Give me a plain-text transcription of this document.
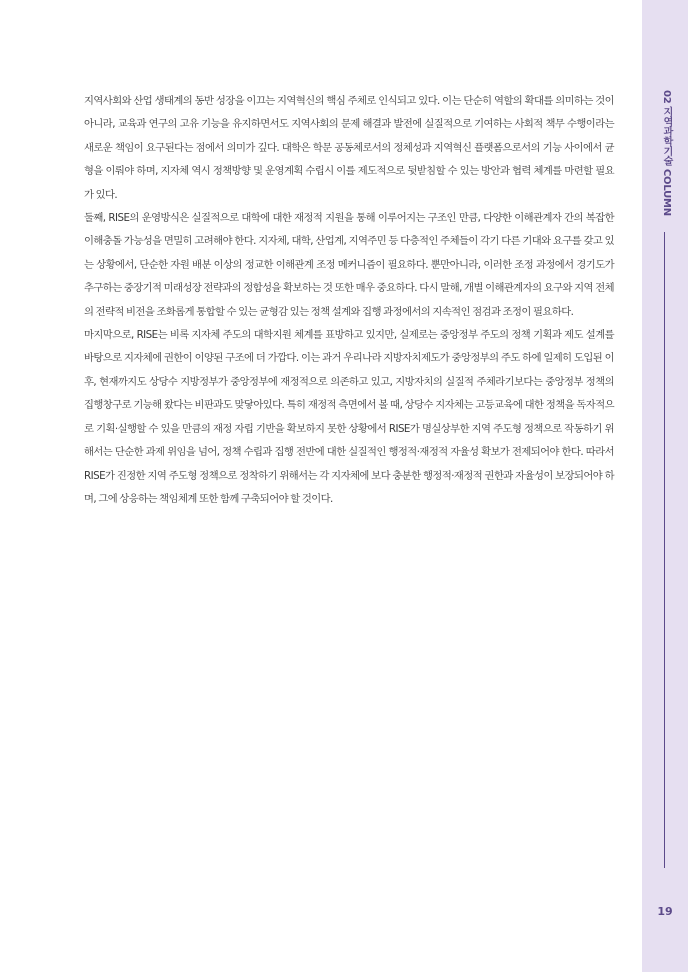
지역사회와 산업 생태계의 동반 성장을 이끄는 지역혁신의 핵심 주체로 인식되고 있다. 이는 단순히 역할의 확대를 의미하는 것이 아니라, 교육과 연구의 고유 기능을 유지하면서도 지역사회의 문제 해결과 발전에 실질적으로 기여하는 사회적 책무 수행이라는 새로운 책임이 요구된다는 점에서 의미가 깊다. 대학은 학문 공동체로서의 정체성과 지역혁신 플랫폼으로서의 기능 사이에서 균형을 이뤄야 하며, 지자체 역시 정책방향 및 운영계획 수립시 이를 제도적으로 뒷받침할 수 있는 방안과 협력 체계를 마련할 필요가 있다.

둘째, RISE의 운영방식은 실질적으로 대학에 대한 재정적 지원을 통해 이루어지는 구조인 만큼, 다양한 이해관계자 간의 복잡한 이해충돌 가능성을 면밀히 고려해야 한다. 지자체, 대학, 산업계, 지역주민 등 다층적인 주체들이 각기 다른 기대와 요구를 갖고 있는 상황에서, 단순한 자원 배분 이상의 정교한 이해관계 조정 메커니즘이 필요하다. 뿐만아니라, 이러한 조정 과정에서 경기도가 추구하는 중장기적 미래성장 전략과의 정합성을 확보하는 것 또한 매우 중요하다. 다시 말해, 개별 이해관계자의 요구와 지역 전체의 전략적 비전을 조화롭게 통합할 수 있는 균형감 있는 정책 설계와 집행 과정에서의 지속적인 점검과 조정이 필요하다.

마지막으로, RISE는 비록 지자체 주도의 대학지원 체계를 표방하고 있지만, 실제로는 중앙정부 주도의 정책 기획과 제도 설계를 바탕으로 지자체에 권한이 이양된 구조에 더 가깝다. 이는 과거 우리나라 지방자치제도가 중앙정부의 주도 하에 일제히 도입된 이후, 현재까지도 상당수 지방정부가 중앙정부에 재정적으로 의존하고 있고, 지방자치의 실질적 주체라기보다는 중앙정부 정책의 집행창구로 기능해 왔다는 비판과도 맞닿아있다. 특히 재정적 측면에서 볼 때, 상당수 지자체는 고등교육에 대한 정책을 독자적으로 기획·실행할 수 있을 만큼의 재정 자립 기반을 확보하지 못한 상황에서 RISE가 명실상부한 지역 주도형 정책으로 작동하기 위해서는 단순한 과제 위임을 넘어, 정책 수립과 집행 전반에 대한 실질적인 행정적·재정적 자율성 확보가 전제되어야 한다. 따라서 RISE가 진정한 지역 주도형 정책으로 정착하기 위해서는 각 지자체에 보다 충분한 행정적·재정적 권한과 자율성이 보장되어야 하며, 그에 상응하는 책임체계 또한 함께 구축되어야 할 것이다.

02 지역과학기술 COLUMN
19
